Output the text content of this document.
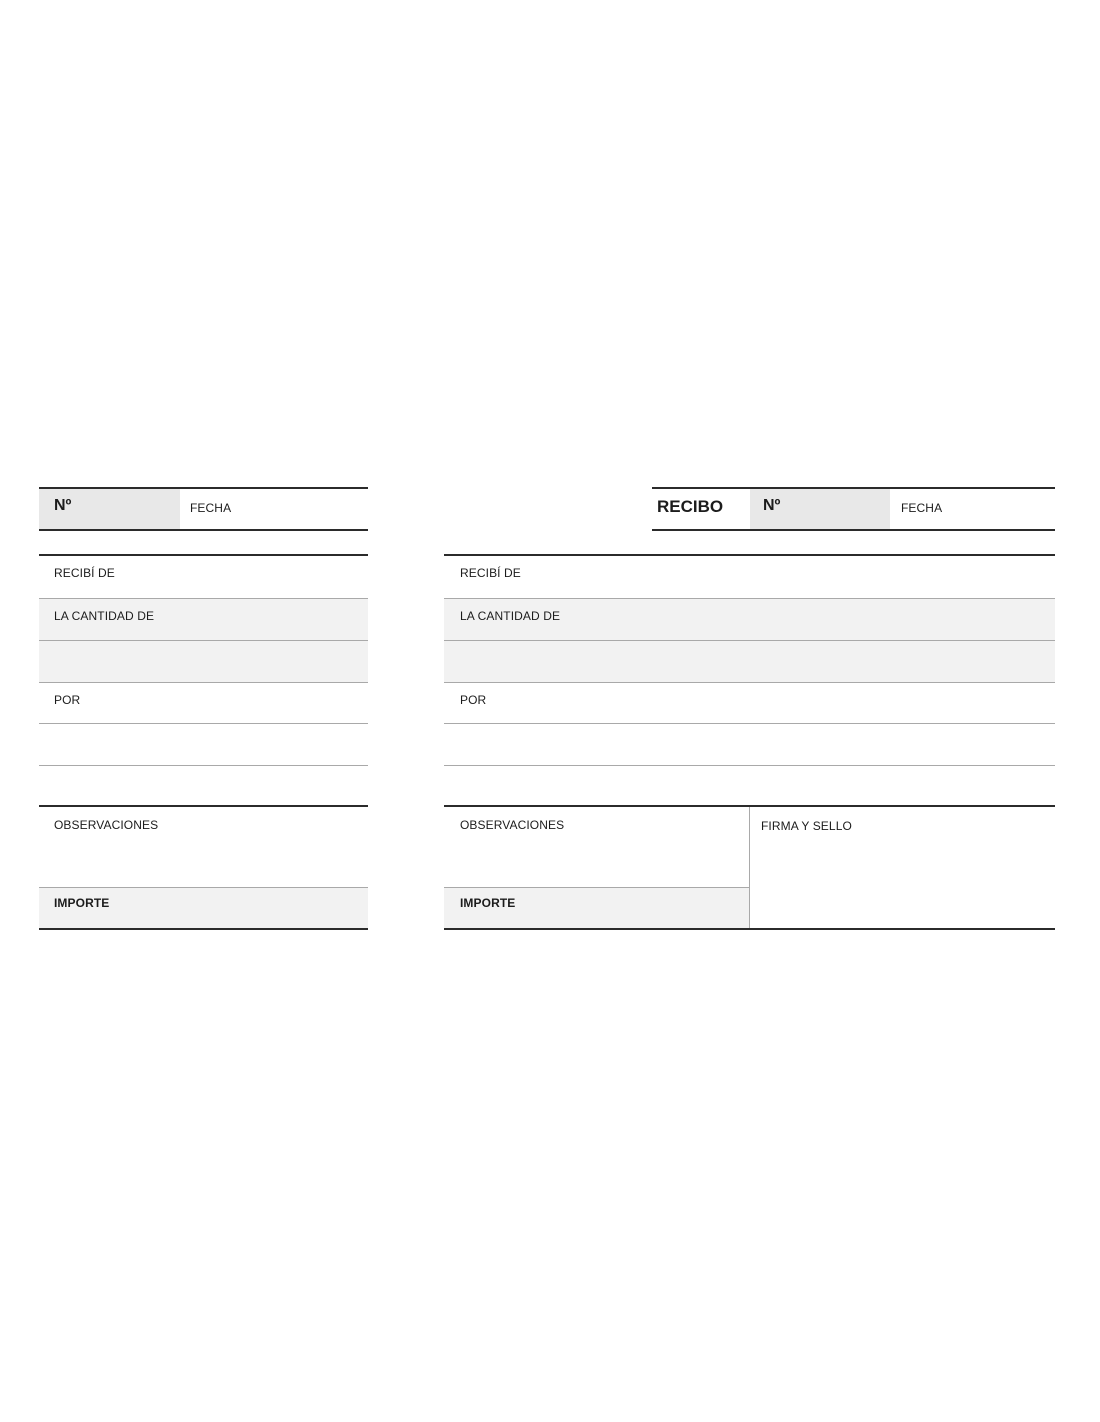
Nº	FECHA
RECIBÍ DE
LA CANTIDAD DE
POR
OBSERVACIONES
IMPORTE
RECIBO Nº	FECHA
RECIBÍ DE
LA CANTIDAD DE
POR
OBSERVACIONES
IMPORTE
FIRMA Y SELLO
